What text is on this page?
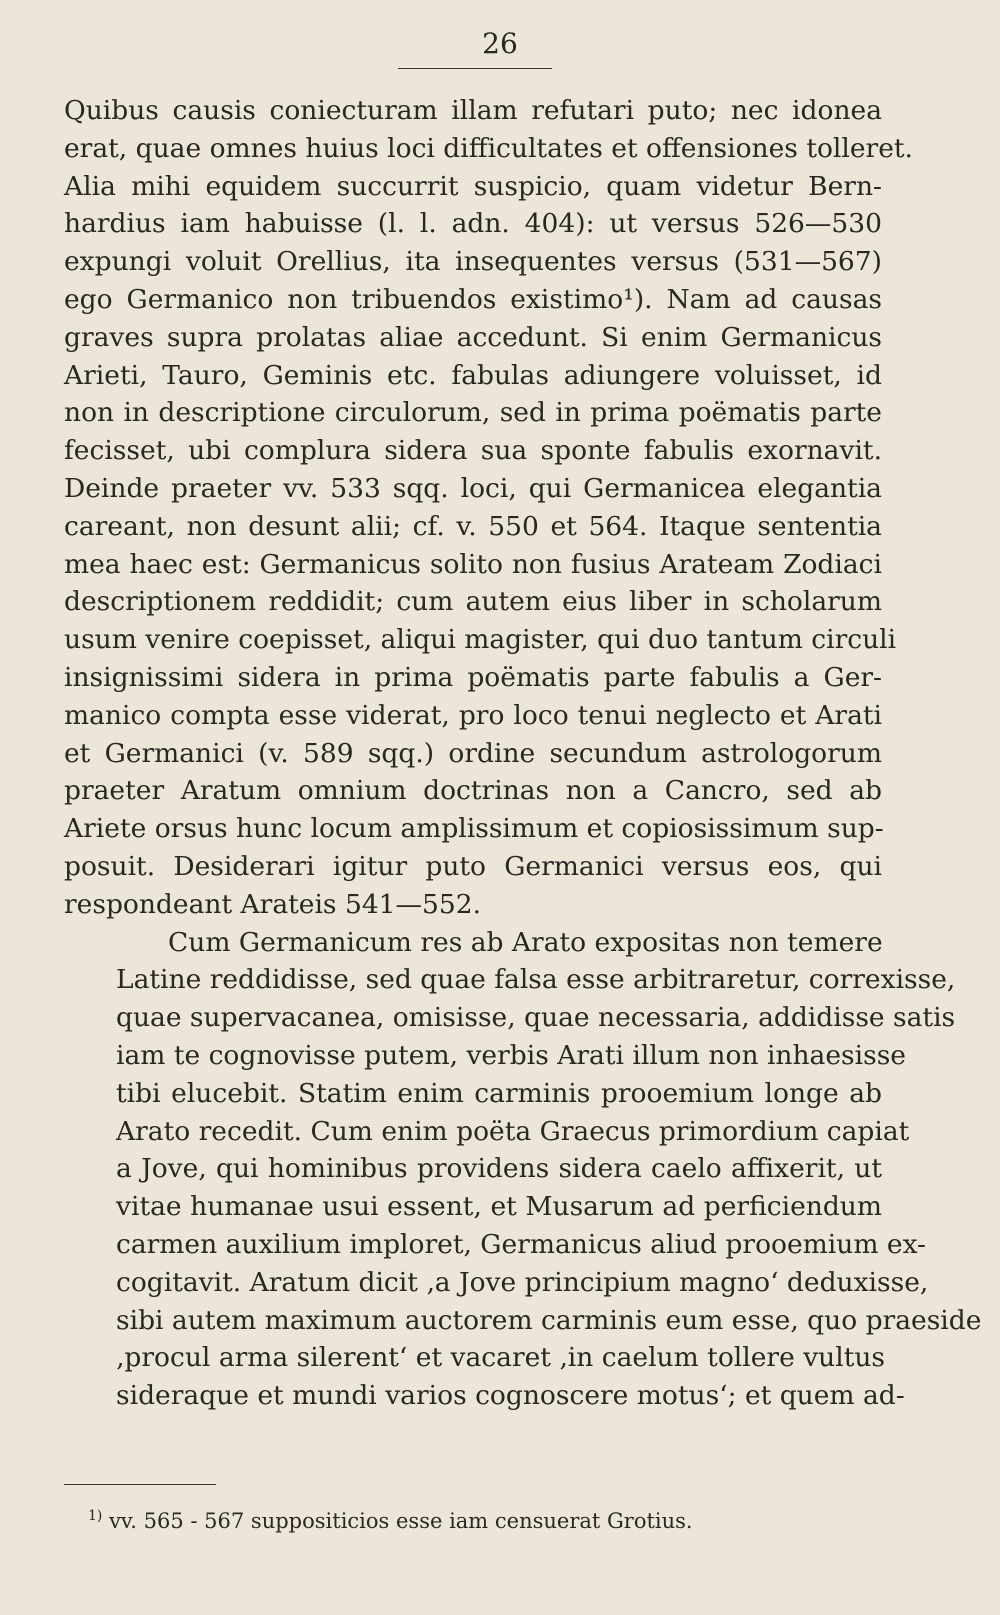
26

Quibus causis coniecturam illam refutari puto; nec idonea
erat, quae omnes huius loci difficultates et offensiones tolleret.
Alia mihi equidem succurrit suspicio, quam videtur Bern-
hardius iam habuisse (l. l. adn. 404): ut versus 526—530
expungi voluit Orellius, ita insequentes versus (531—567)
ego Germanico non tribuendos existimo¹). Nam ad causas
graves supra prolatas aliae accedunt. Si enim Germanicus
Arieti, Tauro, Geminis etc. fabulas adiungere voluisset, id
non in descriptione circulorum, sed in prima poëmatis parte
fecisset, ubi complura sidera sua sponte fabulis exornavit.
Deinde praeter vv. 533 sqq. loci, qui Germanicea elegantia
careant, non desunt alii; cf. v. 550 et 564. Itaque sententia
mea haec est: Germanicus solito non fusius Arateam Zodiaci
descriptionem reddidit; cum autem eius liber in scholarum
usum venire coepisset, aliqui magister, qui duo tantum circuli
insignissimi sidera in prima poëmatis parte fabulis a Ger-
manico compta esse viderat, pro loco tenui neglecto et Arati
et Germanici (v. 589 sqq.) ordine secundum astrologorum
praeter Aratum omnium doctrinas non a Cancro, sed ab
Ariete orsus hunc locum amplissimum et copiosissimum sup-
posuit. Desiderari igitur puto Germanici versus eos, qui
respondeant Arateis 541—552.

Cum Germanicum res ab Arato expositas non temere
Latine reddidisse, sed quae falsa esse arbitraretur, correxisse,
quae supervacanea, omisisse, quae necessaria, addidisse satis
iam te cognovisse putem, verbis Arati illum non inhaesisse
tibi elucebit. Statim enim carminis prooemium longe ab
Arato recedit. Cum enim poëta Graecus primordium capiat
a Jove, qui hominibus providens sidera caelo affixerit, ut
vitae humanae usui essent, et Musarum ad perficiendum
carmen auxilium imploret, Germanicus aliud prooemium ex-
cogitavit. Aratum dicit ‚a Jove principium magno‘ deduxisse,
sibi autem maximum auctorem carminis eum esse, quo praeside
‚procul arma silerent‘ et vacaret ‚in caelum tollere vultus
sideraque et mundi varios cognoscere motus‘; et quem ad-

$^{1)}$ vv. 565 - 567 suppositicios esse iam censuerat Grotius.
